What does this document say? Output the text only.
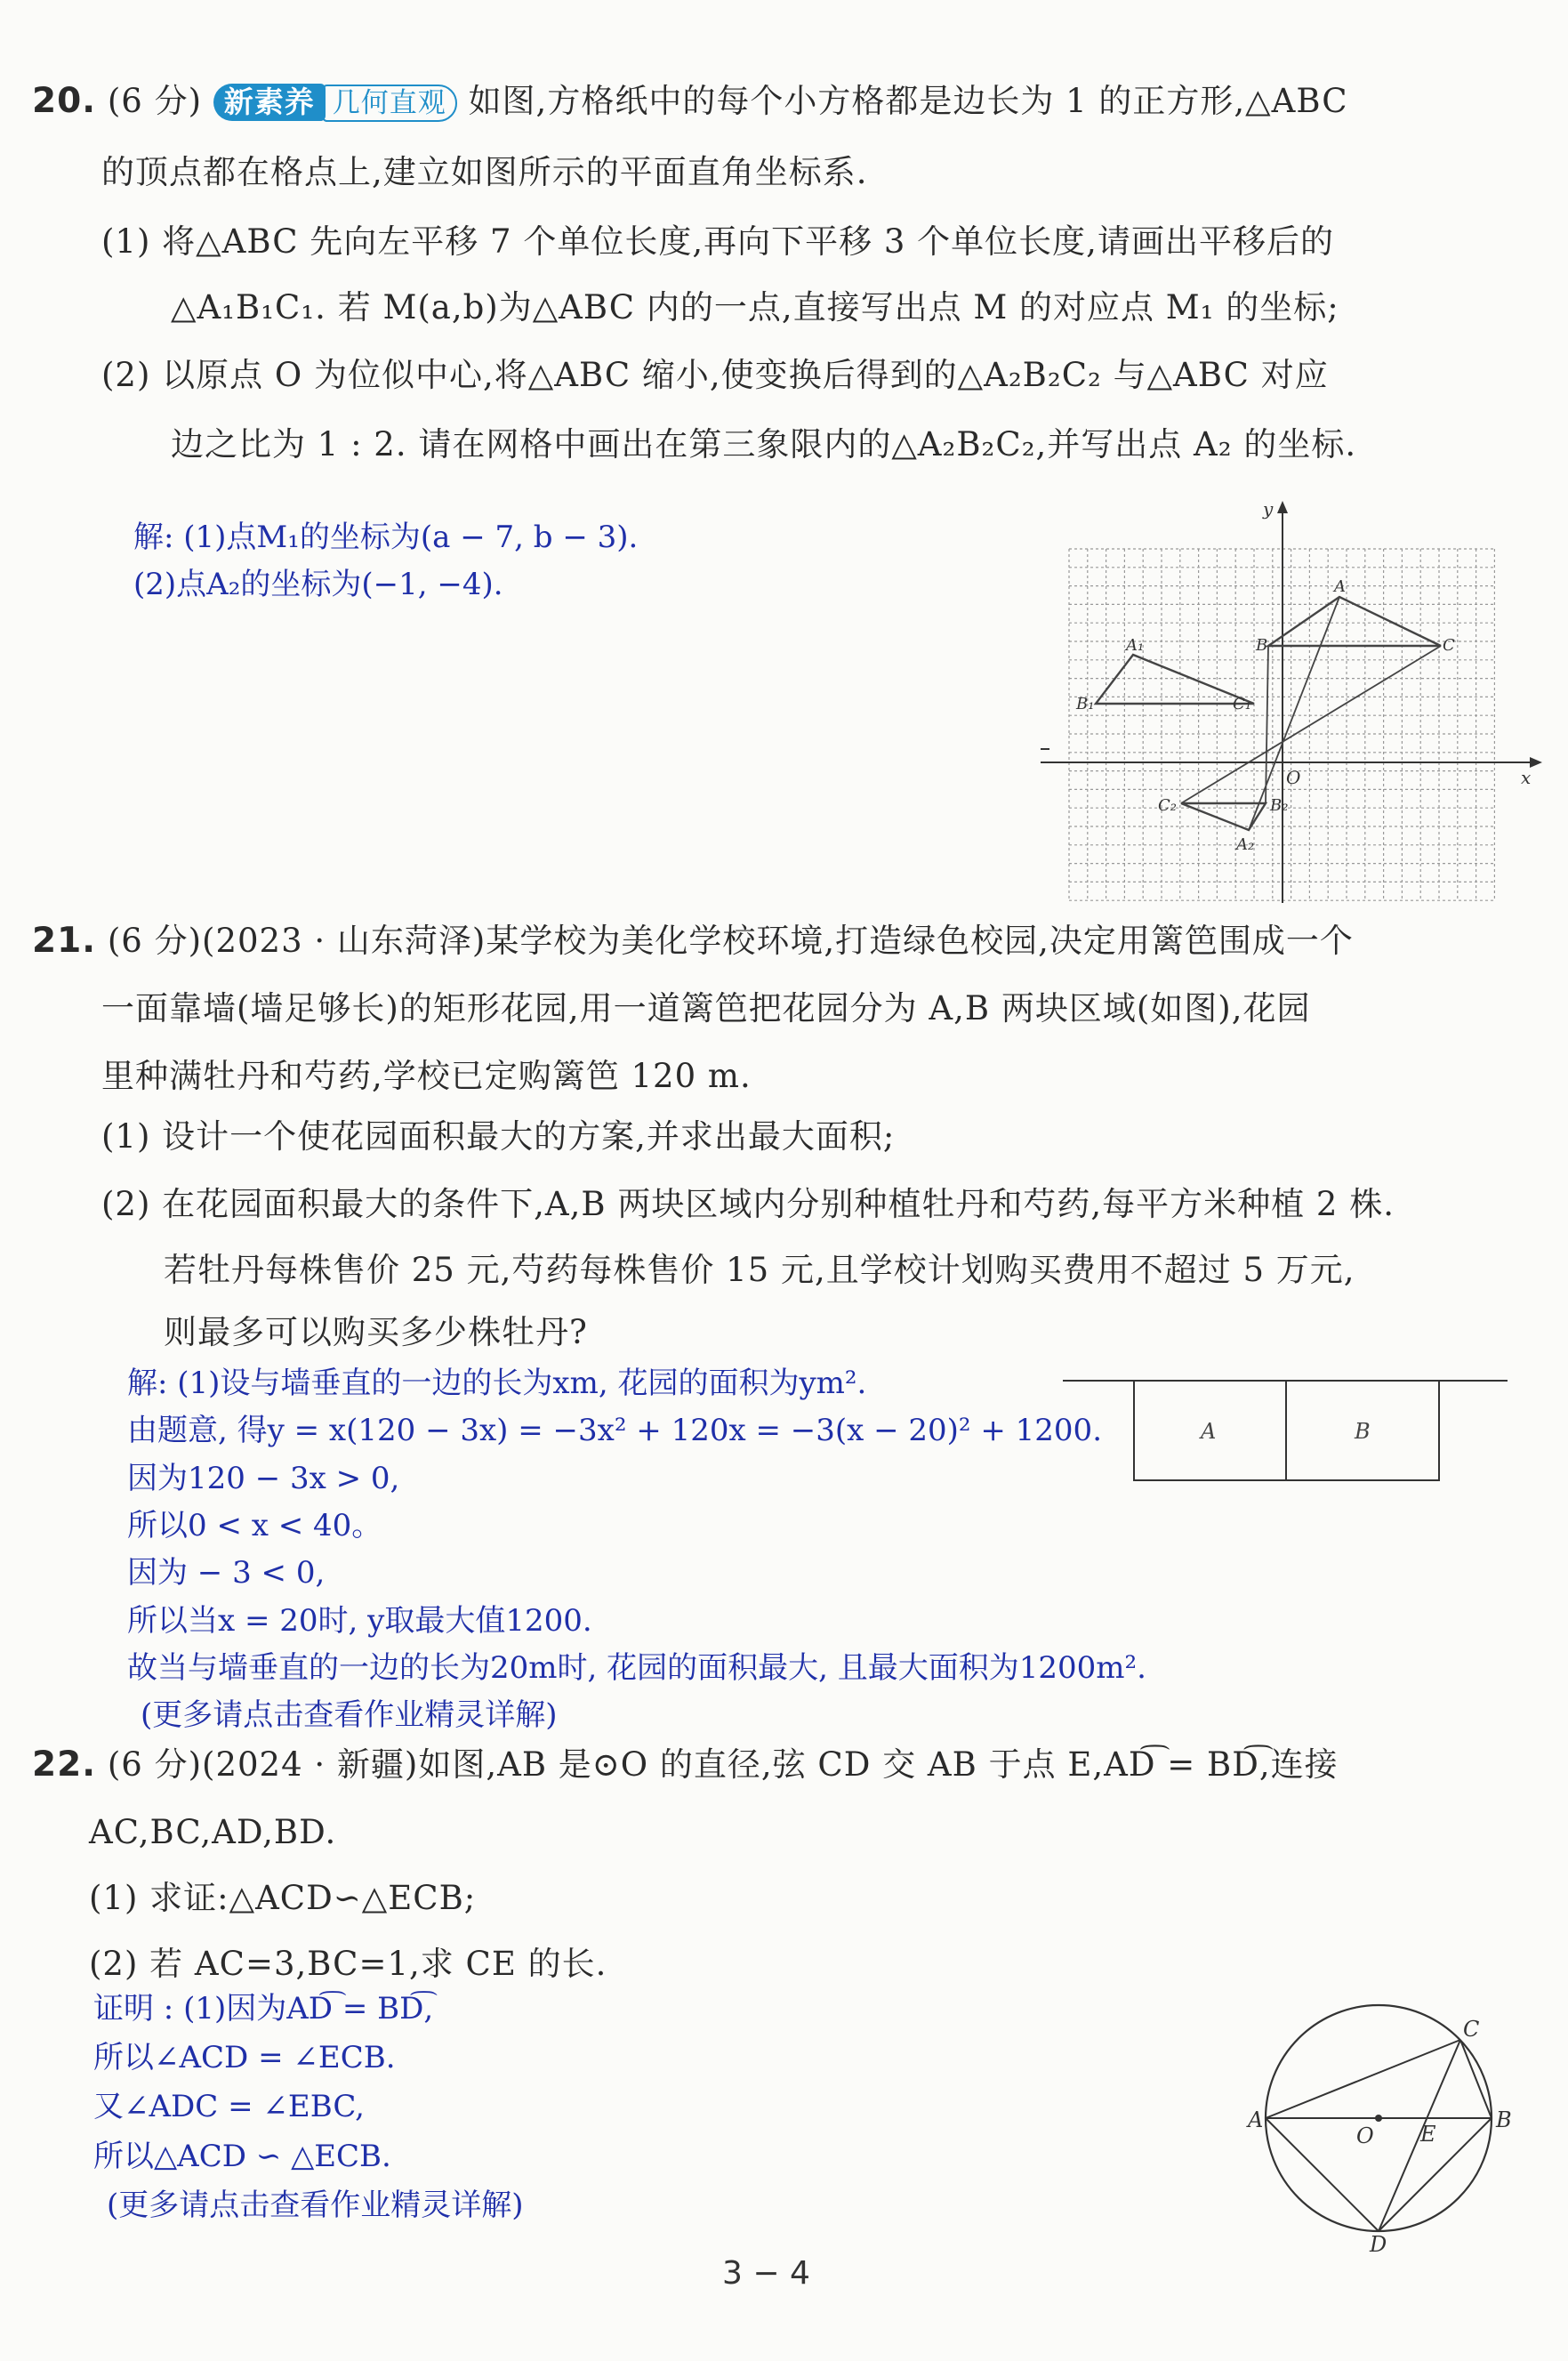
20. (6 分) 新素养 几何直观 如图,方格纸中的每个小方格都是边长为 1 的正方形,△ABC
的顶点都在格点上,建立如图所示的平面直角坐标系.
(1) 将△ABC 先向左平移 7 个单位长度,再向下平移 3 个单位长度,请画出平移后的
△A₁B₁C₁. 若 M(a,b)为△ABC 内的一点,直接写出点 M 的对应点 M₁ 的坐标;
(2) 以原点 O 为位似中心,将△ABC 缩小,使变换后得到的△A₂B₂C₂ 与△ABC 对应
边之比为 1 : 2. 请在网格中画出在第三象限内的△A₂B₂C₂,并写出点 A₂ 的坐标.
解: (1)点M₁的坐标为(a − 7, b − 3).
(2)点A₂的坐标为(−1, −4).
x
y
O
A
B	C
A₁
B₁	C₁
A₂
B₂
C₂
21. (6 分)(2023 · 山东菏泽)某学校为美化学校环境,打造绿色校园,决定用篱笆围成一个
一面靠墙(墙足够长)的矩形花园,用一道篱笆把花园分为 A,B 两块区域(如图),花园
里种满牡丹和芍药,学校已定购篱笆 120 m.
(1) 设计一个使花园面积最大的方案,并求出最大面积;
(2) 在花园面积最大的条件下,A,B 两块区域内分别种植牡丹和芍药,每平方米种植 2 株.
若牡丹每株售价 25 元,芍药每株售价 15 元,且学校计划购买费用不超过 5 万元,
则最多可以购买多少株牡丹?
解: (1)设与墙垂直的一边的长为xm, 花园的面积为ym².
由题意, 得y = x(120 − 3x) = −3x² + 120x = −3(x − 20)² + 1200.
因为120 − 3x > 0,
所以0 < x < 40。
因为 − 3 < 0,
所以当x = 20时, y取最大值1200.
故当与墙垂直的一边的长为20m时, 花园的面积最大, 且最大面积为1200m².
(更多请点击查看作业精灵详解)
A	B
22. (6 分)(2024 · 新疆)如图,AB 是⊙O 的直径,弦 CD 交 AB 于点 E,AD͡ = BD͡,连接
AC,BC,AD,BD.
(1) 求证:△ACD∽△ECB;
(2) 若 AC=3,BC=1,求 CE 的长.
证明 : (1)因为AD͡ = BD͡,
所以∠ACD = ∠ECB.
又∠ADC = ∠EBC,
所以△ACD ∽ △ECB.
(更多请点击查看作业精灵详解)
A	B
C
D
E
O
3 − 4
